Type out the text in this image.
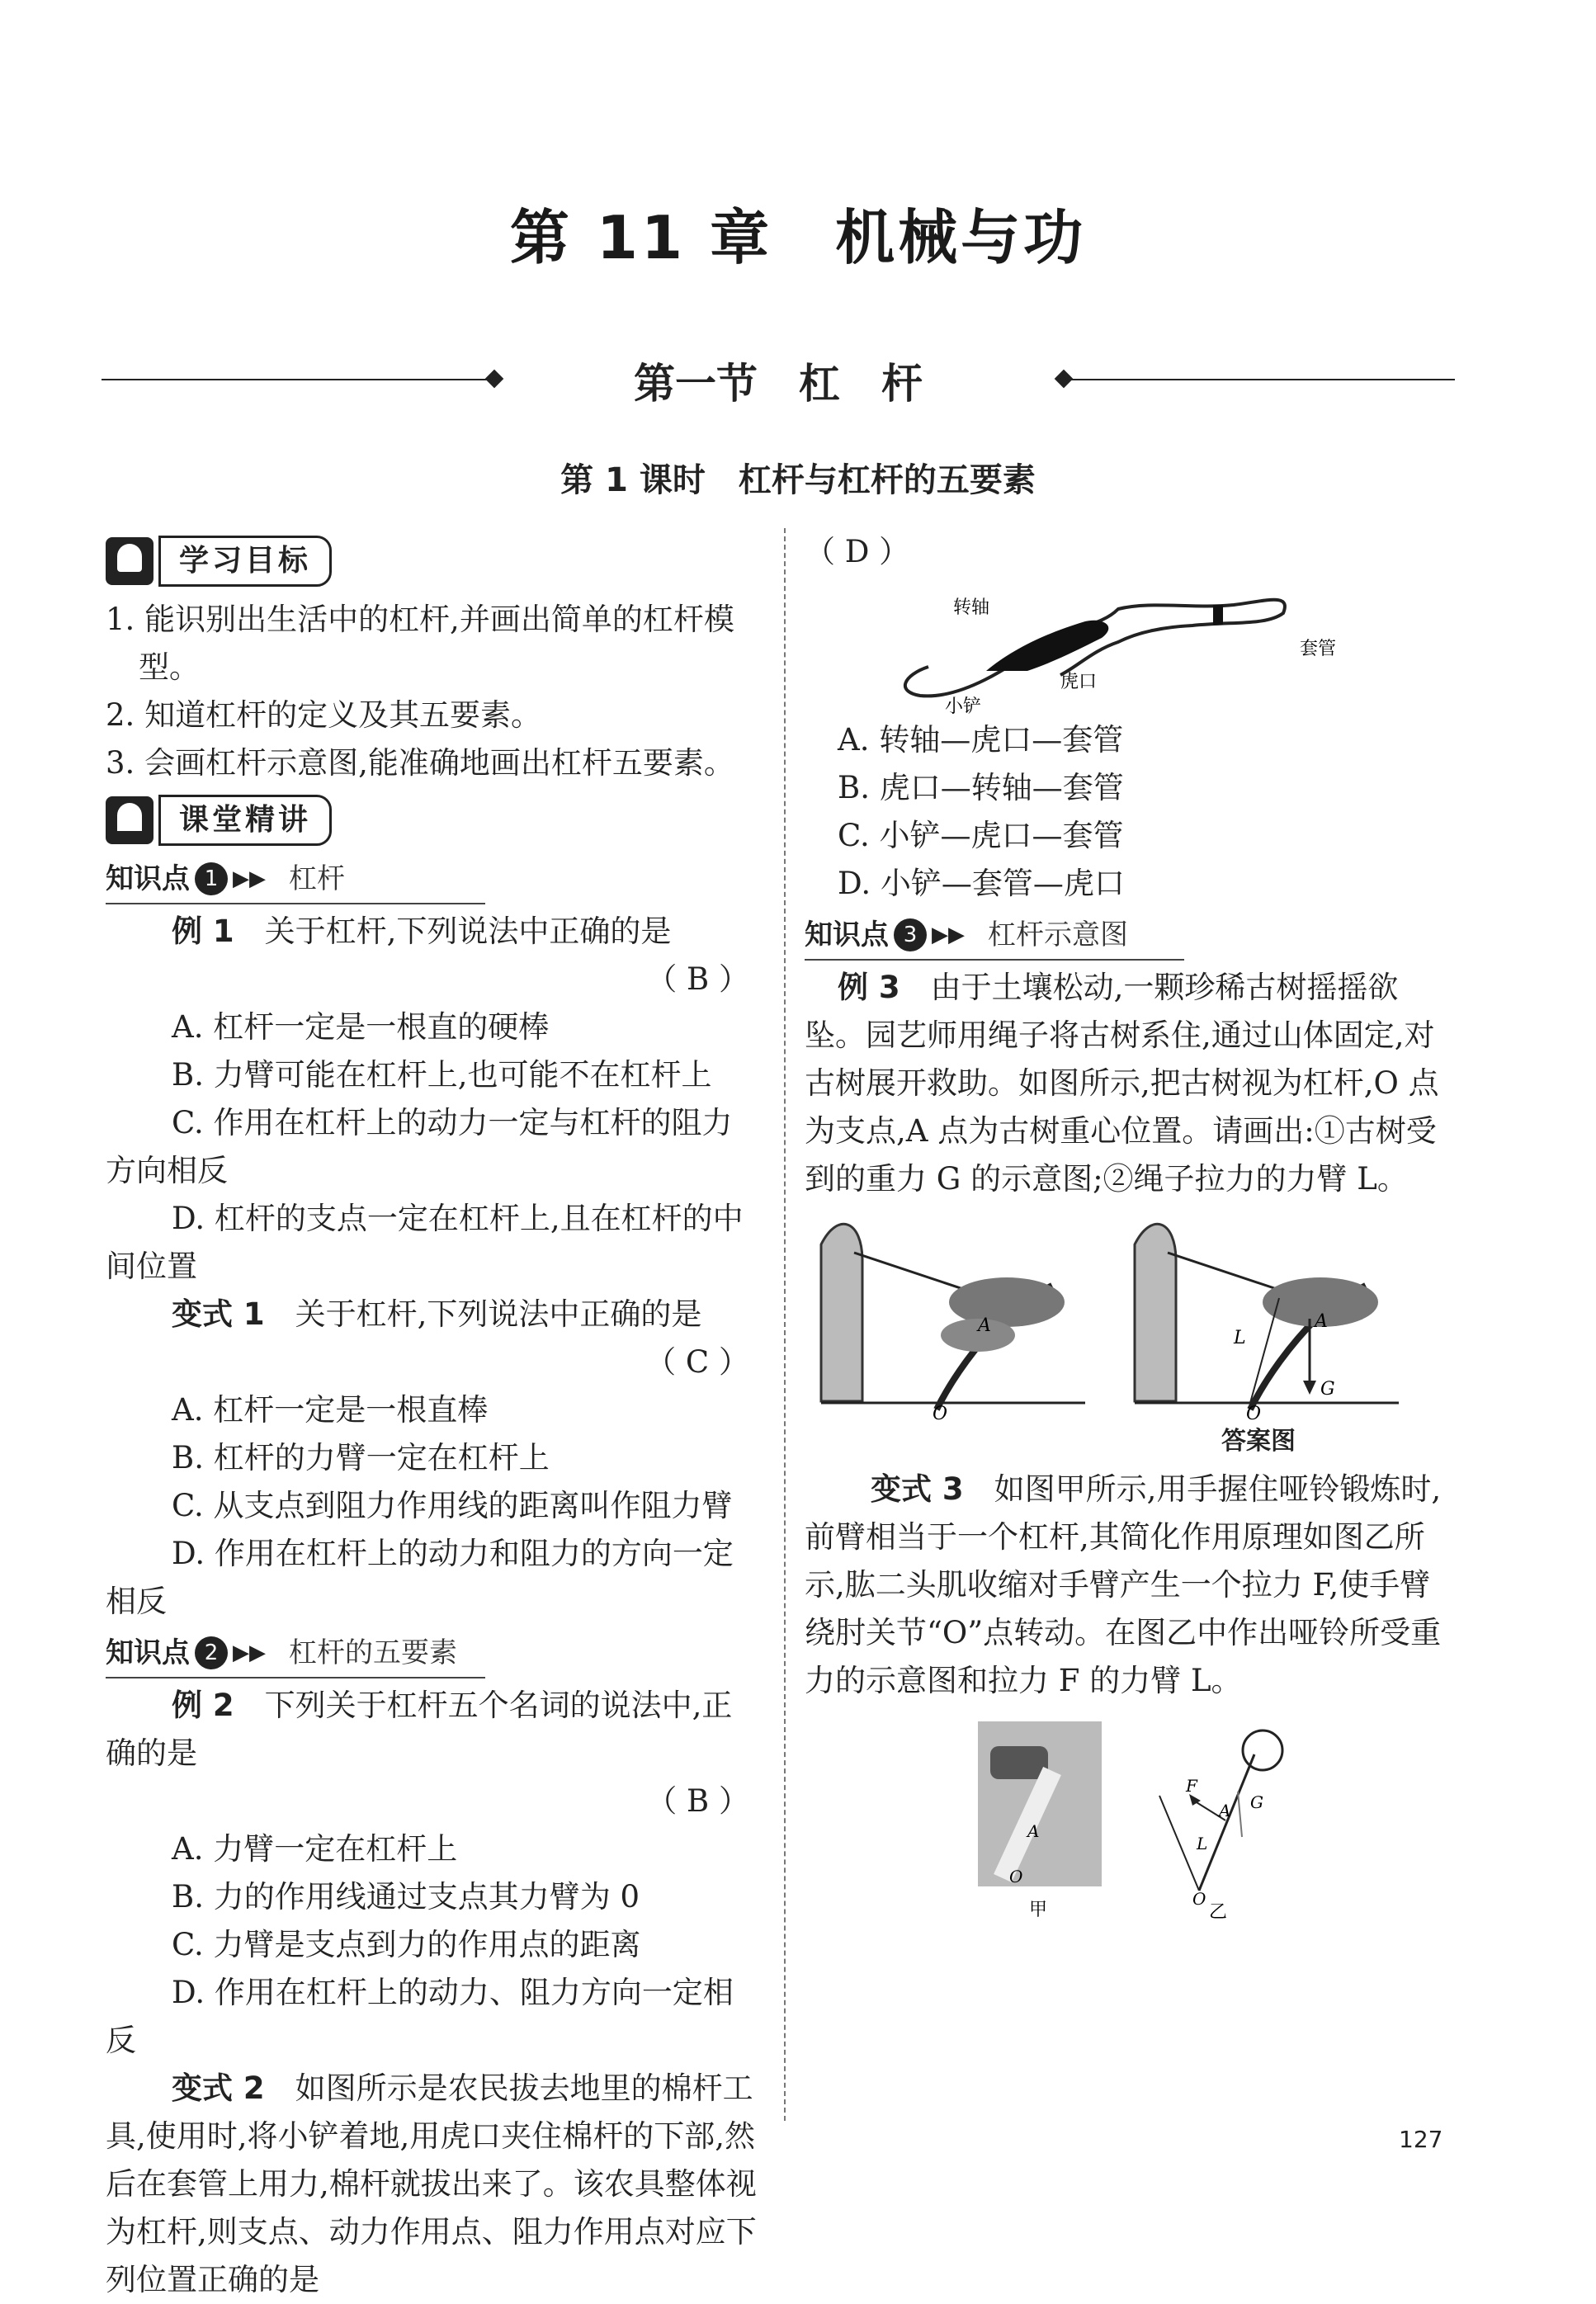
第 11 章　机械与功
第一节　杠　杆
第 1 课时　杠杆与杠杆的五要素
学习目标

1. 能识别出生活中的杠杆,并画出简单的杠杆模型。

2. 知道杠杆的定义及其五要素。

3. 会画杠杆示意图,能准确地画出杠杆五要素。

课堂精讲
知识点 1 ▶▶ 杠杆

例 1　 关于杠杆,下列说法中正确的是

（ B ）

A. 杠杆一定是一根直的硬棒

B. 力臂可能在杠杆上,也可能不在杠杆上

C. 作用在杠杆上的动力一定与杠杆的阻力方向相反

D. 杠杆的支点一定在杠杆上,且在杠杆的中间位置

变式 1　 关于杠杆,下列说法中正确的是

（ C ）

A. 杠杆一定是一根直棒

B. 杠杆的力臂一定在杠杆上

C. 从支点到阻力作用线的距离叫作阻力臂

D. 作用在杠杆上的动力和阻力的方向一定相反

知识点 2 ▶▶ 杠杆的五要素

例 2　 下列关于杠杆五个名词的说法中,正确的是

（ B ）

A. 力臂一定在杠杆上

B. 力的作用线通过支点其力臂为 0

C. 力臂是支点到力的作用点的距离

D. 作用在杠杆上的动力、阻力方向一定相反

变式 2　 如图所示是农民拔去地里的棉杆工具,使用时,将小铲着地,用虎口夹住棉杆的下部,然后在套管上用力,棉杆就拔出来了。该农具整体视为杠杆,则支点、动力作用点、阻力作用点对应下列位置正确的是

（ D ）

转轴
套管
小铲
虎口

A. 转轴—虎口—套管

B. 虎口—转轴—套管

C. 小铲—虎口—套管

D. 小铲—套管—虎口

知识点 3 ▶▶ 杠杆示意图

例 3　 由于土壤松动,一颗珍稀古树摇摇欲坠。园艺师用绳子将古树系住,通过山体固定,对古树展开救助。如图所示,把古树视为杠杆,O 点为支点,A 点为古树重心位置。请画出:①古树受到的重力 G 的示意图;②绳子拉力的力臂 L。

A
O
L
A
G
O

答案图

变式 3　 如图甲所示,用手握住哑铃锻炼时,前臂相当于一个杠杆,其简化作用原理如图乙所示,肱二头肌收缩对手臂产生一个拉力 F,使手臂绕肘关节“O”点转动。在图乙中作出哑铃所受重力的示意图和拉力 F 的力臂 L。

A
O
F
A G
L
O
甲	乙
127
